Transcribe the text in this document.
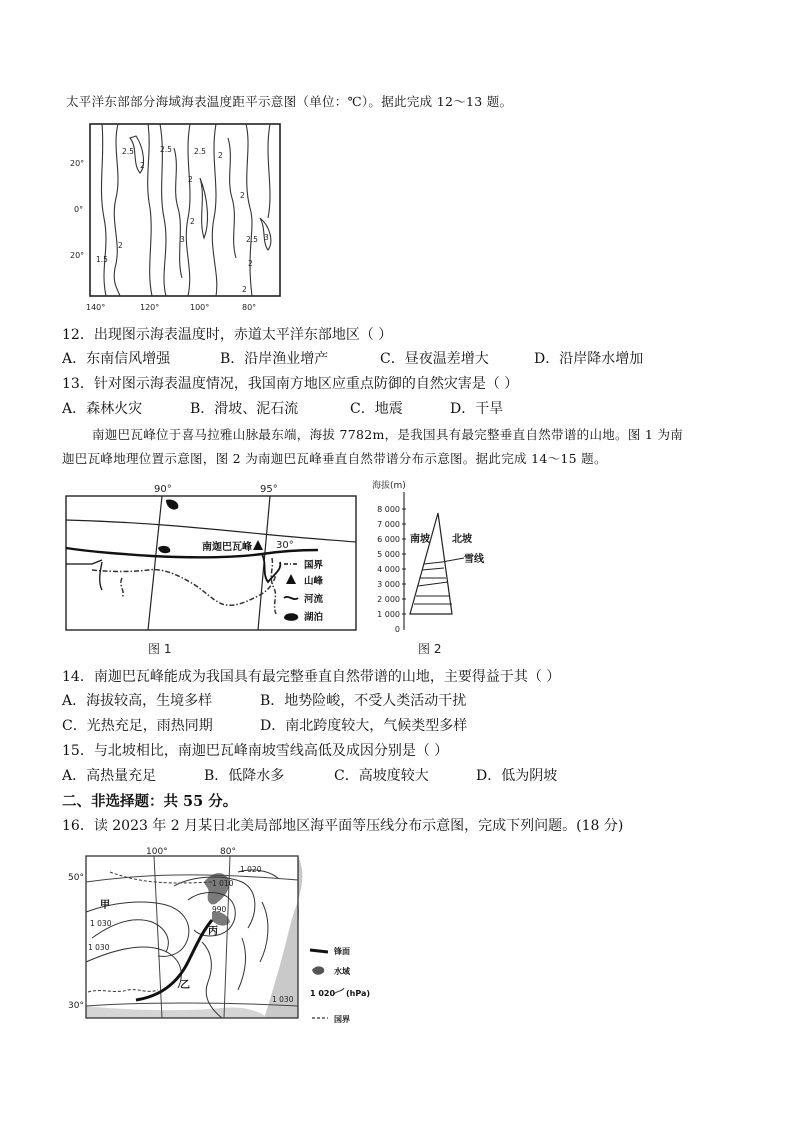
太平洋东部部分海域海表温度距平示意图（单位：℃）。据此完成 12～13 题。
20°
0°
20°
140°	120°	100°	80°
2.5	2.5	2.5 2
2
2
2
2
3
2
2.5 3
1.5	2
2
12．出现图示海表温度时，赤道太平洋东部地区（ ）
A．东南信风增强	B．沿岸渔业增产	C．昼夜温差增大	D．沿岸降水增加
13．针对图示海表温度情况，我国南方地区应重点防御的自然灾害是（ ）
A．森林火灾	B．滑坡、泥石流	C．地震	D．干旱
南迦巴瓦峰位于喜马拉雅山脉最东端，海拔 7782m，是我国具有最完整垂直自然带谱的山地。图 1 为南
迦巴瓦峰地理位置示意图，图 2 为南迦巴瓦峰垂直自然带谱分布示意图。据此完成 14～15 题。
90°	95°
30°
南迦巴瓦峰
国界
山峰
河流
湖泊
图 1
海拔(m)
8 000
7 000
6 000
5 000
4 000
3 000
2 000
1 000
0
南坡 北坡
雪线
图 2
14．南迦巴瓦峰能成为我国具有最完整垂直自然带谱的山地，主要得益于其（ ）
A．海拔较高，生境多样	B．地势险峻，不受人类活动干扰
C．光热充足，雨热同期	D．南北跨度较大，气候类型多样
15．与北坡相比，南迦巴瓦峰南坡雪线高低及成因分别是（ ）
A．高热量充足	B．低降水多	C．高坡度较大	D．低为阴坡
二、非选择题：共 55 分。
16．读 2023 年 2 月某日北美局部地区海平面等压线分布示意图，完成下列问题。(18 分)
100°	80°
50°
30°
甲
乙
丙
1 010
1 020
1 030
1 030
990
1 030
锋面
水域
1 020 (hPa)
国界
